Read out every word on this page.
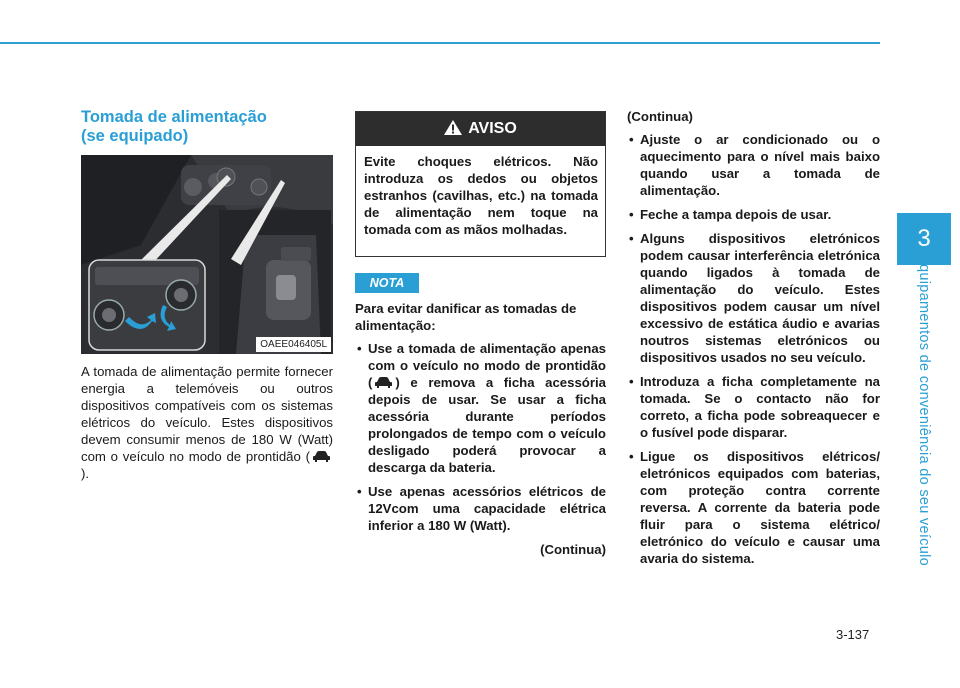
3
Equipamentos de conveniência do seu veículo
Tomada de alimentação
(se equipado)
OAEE046405L
A tomada de alimentação permite fornecer energia a telemóveis ou outros dispositivos compatíveis com os sistemas elétricos do veículo. Estes dispositivos devem consumir menos de 180 W (Watt) com o veículo no modo de prontidão ().
AVISO
Evite choques elétricos. Não introduza os dedos ou objetos estranhos (cavilhas, etc.) na tomada de alimentação nem toque na tomada com as mãos molhadas.
NOTA
Para evitar danificar as tomadas de alimentação:
• Use a tomada de alimentação apenas com o veículo no modo de prontidão ( ) e remova a ficha acessória depois de usar. Se usar a ficha acessória durante períodos prolongados de tempo com o veículo desligado poderá provocar a descarga da bateria.
• Use apenas acessórios elétricos de 12Vcom uma capacidade elétrica inferior a 180 W (Watt).
(Continua)
(Continua)
• Ajuste o ar condicionado ou o aquecimento para o nível mais baixo quando usar a tomada de alimentação.
• Feche a tampa depois de usar.
• Alguns dispositivos eletrónicos podem causar interferência eletrónica quando ligados à tomada de alimentação do veículo. Estes dispositivos podem causar um nível excessivo de estática áudio e avarias noutros sistemas eletrónicos ou dispositivos usados no seu veículo.
• Introduza a ficha completamente na tomada. Se o contacto não for correto, a ficha pode sobreaquecer e o fusível pode disparar.
• Ligue os dispositivos elétricos/ eletrónicos equipados com baterias, com proteção contra corrente reversa. A corrente da bateria pode fluir para o sistema elétrico/ eletrónico do veículo e causar uma avaria do sistema.
3-137
